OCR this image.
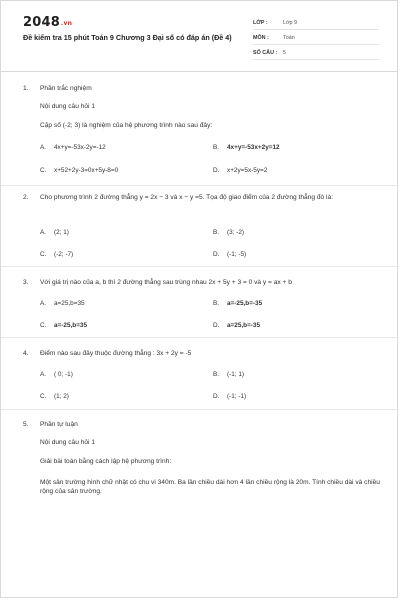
2048.vn
Đề kiểm tra 15 phút Toán 9 Chương 3 Đại số có đáp án (Đề 4)
LỚP :	Lớp 9
MÔN :	Toán
SỐ CÂU :	5
1. Phần trắc nghiệm
Nội dung câu hỏi 1
Cặp số (-2; 3) là nghiệm của hệ phương trình nào sau đây:
A. 4x+y=-53x-2y=-12	B. 4x+y=-53x+2y=12
C. x+52+2y-3=0x+5y-8=0	D. x+2y=5x-5y=2
2. Cho phương trình 2 đường thẳng y = 2x − 3 và x − y =5. Tọa độ giao điểm của 2 đường thẳng đó là:
A. (2; 1)	B. (3; -2)
C. (-2; -7)	D. (-1; -5)
3. Với giá trị nào của a, b thì 2 đường thẳng sau trùng nhau 2x + 5y + 3 = 0 và y = ax + b
A. a=25,b=35	B. a=-25,b=-35
C. a=-25,b=35	D. a=25,b=-35
4. Điểm nào sau đây thuộc đường thẳng : 3x + 2y = -5
A. ( 0; -1)	B. (-1; 1)
C. (1; 2)	D. (-1; -1)
5. Phần tự luận
Nội dung câu hỏi 1
Giải bài toán bằng cách lập hệ phương trình:
Một sân trường hình chữ nhật có chu vi 340m. Ba lần chiều dài hơn 4 lần chiều rộng là 20m. Tính chiều dài và chiều rộng của sân trường.
